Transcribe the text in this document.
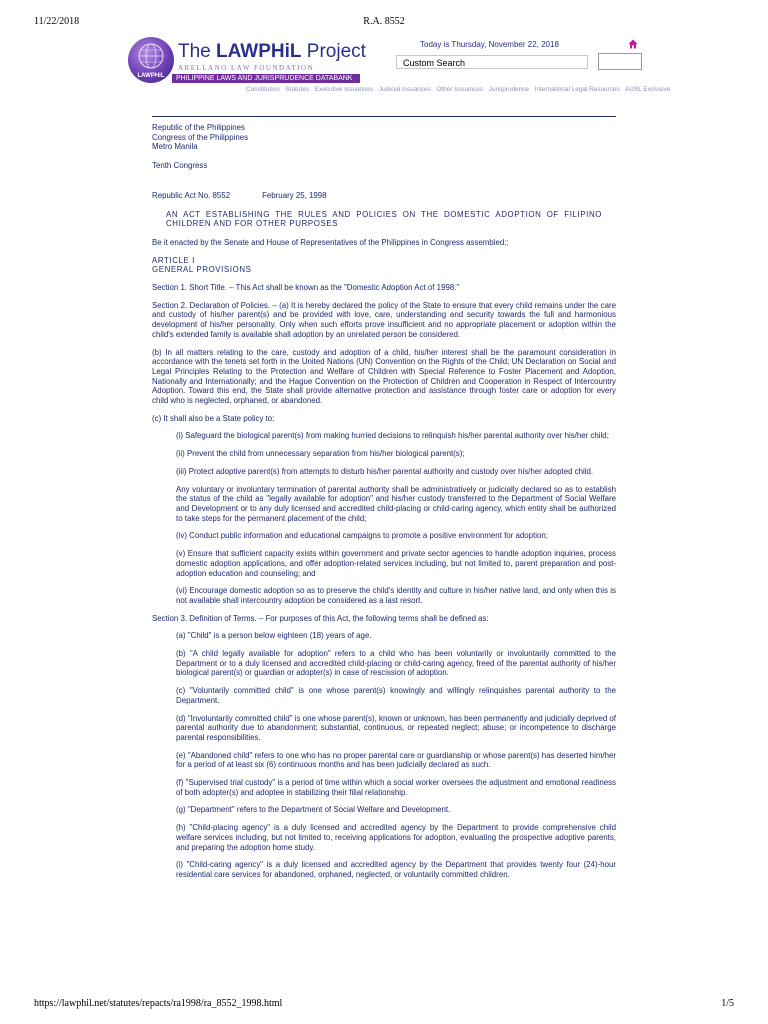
11/22/2018	R.A. 8552
LAWPHiL
The LAWPHiL Project
ARELLANO LAW FOUNDATION
PHILIPPINE LAWS AND JURISPRUDENCE DATABANK
Today is Thursday, November 22, 2018
Custom Search
Constitution Statutes Executive Issuances Judicial Issuances Other Issuances Jurisprudence International Legal Resources AUSL Exclusive

Republic of the Philippines

Congress of the Philippines

Metro Manila

Tenth Congress

Republic Act No. 8552	February 25, 1998

AN ACT ESTABLISHING THE RULES AND POLICIES ON THE DOMESTIC ADOPTION OF FILIPINO CHILDREN AND FOR OTHER PURPOSES

Be it enacted by the Senate and House of Representatives of the Philippines in Congress assembled::

ARTICLE I

GENERAL PROVISIONS

Section 1. Short Title. – This Act shall be known as the "Domestic Adoption Act of 1998."

Section 2. Declaration of Policies. – (a) It is hereby declared the policy of the State to ensure that every child remains under the care and custody of his/her parent(s) and be provided with love, care, understanding and security towards the full and harmonious development of his/her personality. Only when such efforts prove insufficient and no appropriate placement or adoption within the child's extended family is available shall adoption by an unrelated person be considered.

(b) In all matters relating to the care, custody and adoption of a child, his/her interest shall be the paramount consideration in accordance with the tenets set forth in the United Nations (UN) Convention on the Rights of the Child; UN Declaration on Social and Legal Principles Relating to the Protection and Welfare of Children with Special Reference to Foster Placement and Adoption, Nationally and Internationally; and the Hague Convention on the Protection of Children and Cooperation in Respect of Intercountry Adoption. Toward this end, the State shall provide alternative protection and assistance through foster care or adoption for every child who is neglected, orphaned, or abandoned.

(c) It shall also be a State policy to:

(i) Safeguard the biological parent(s) from making hurried decisions to relinquish his/her parental authority over his/her child;

(ii) Prevent the child from unnecessary separation from his/her biological parent(s);

(iii) Protect adoptive parent(s) from attempts to disturb his/her parental authority and custody over his/her adopted child.

Any voluntary or involuntary termination of parental authority shall be administratively or judicially declared so as to establish the status of the child as "legally available for adoption" and his/her custody transferred to the Department of Social Welfare and Development or to any duly licensed and accredited child-placing or child-caring agency, which entity shall be authorized to take steps for the permanent placement of the child;

(iv) Conduct public information and educational campaigns to promote a positive environment for adoption;

(v) Ensure that sufficient capacity exists within government and private sector agencies to handle adoption inquiries, process domestic adoption applications, and offer adoption-related services including, but not limited to, parent preparation and post-adoption education and counseling; and

(vi) Encourage domestic adoption so as to preserve the child's identity and culture in his/her native land, and only when this is not available shall intercountry adoption be considered as a last resort.

Section 3. Definition of Terms. – For purposes of this Act, the following terms shall be defined as:

(a) "Child" is a person below eighteen (18) years of age.

(b) "A child legally available for adoption" refers to a child who has been voluntarily or involuntarily committed to the Department or to a duly licensed and accredited child-placing or child-caring agency, freed of the parental authority of his/her biological parent(s) or guardian or adopter(s) in case of rescission of adoption.

(c) "Voluntarily committed child" is one whose parent(s) knowingly and willingly relinquishes parental authority to the Department.

(d) "Involuntarily committed child" is one whose parent(s), known or unknown, has been permanently and judicially deprived of parental authority due to abandonment; substantial, continuous, or repeated neglect; abuse; or incompetence to discharge parental responsibilities.

(e) "Abandoned child" refers to one who has no proper parental care or guardianship or whose parent(s) has deserted him/her for a period of at least six (6) continuous months and has been judicially declared as such.

(f) "Supervised trial custody" is a period of time within which a social worker oversees the adjustment and emotional readiness of both adopter(s) and adoptee in stabilizing their filial relationship.

(g) "Department" refers to the Department of Social Welfare and Development.

(h) "Child-placing agency" is a duly licensed and accredited agency by the Department to provide comprehensive child welfare services including, but not limited to, receiving applications for adoption, evaluating the prospective adoptive parents, and preparing the adoption home study.

(i) "Child-caring agency" is a duly licensed and accredited agency by the Department that provides twenty four (24)-hour residential care services for abandoned, orphaned, neglected, or voluntarily committed children.

https://lawphil.net/statutes/repacts/ra1998/ra_8552_1998.html	1/5
